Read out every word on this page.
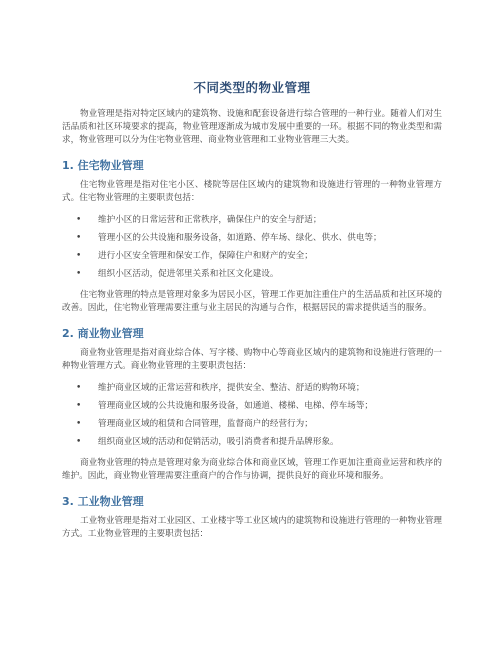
不同类型的物业管理

物业管理是指对特定区域内的建筑物、设施和配套设备进行综合管理的一种行业。随着人们对生活品质和社区环境要求的提高，物业管理逐渐成为城市发展中重要的一环。根据不同的物业类型和需求，物业管理可以分为住宅物业管理、商业物业管理和工业物业管理三大类。

1. 住宅物业管理

住宅物业管理是指对住宅小区、楼院等居住区域内的建筑物和设施进行管理的一种物业管理方式。住宅物业管理的主要职责包括：

• 维护小区的日常运营和正常秩序，确保住户的安全与舒适；
• 管理小区的公共设施和服务设备，如道路、停车场、绿化、供水、供电等；
• 进行小区安全管理和保安工作，保障住户和财产的安全；
• 组织小区活动，促进邻里关系和社区文化建设。

住宅物业管理的特点是管理对象多为居民小区，管理工作更加注重住户的生活品质和社区环境的改善。因此，住宅物业管理需要注重与业主居民的沟通与合作，根据居民的需求提供适当的服务。

2. 商业物业管理

商业物业管理是指对商业综合体、写字楼、购物中心等商业区域内的建筑物和设施进行管理的一种物业管理方式。商业物业管理的主要职责包括：

• 维护商业区域的正常运营和秩序，提供安全、整洁、舒适的购物环境；
• 管理商业区域的公共设施和服务设备，如通道、楼梯、电梯、停车场等；
• 管理商业区域的租赁和合同管理，监督商户的经营行为；
• 组织商业区域的活动和促销活动，吸引消费者和提升品牌形象。

商业物业管理的特点是管理对象为商业综合体和商业区域，管理工作更加注重商业运营和秩序的维护。因此，商业物业管理需要注重商户的合作与协调，提供良好的商业环境和服务。

3. 工业物业管理

工业物业管理是指对工业园区、工业楼宇等工业区域内的建筑物和设施进行管理的一种物业管理方式。工业物业管理的主要职责包括：
